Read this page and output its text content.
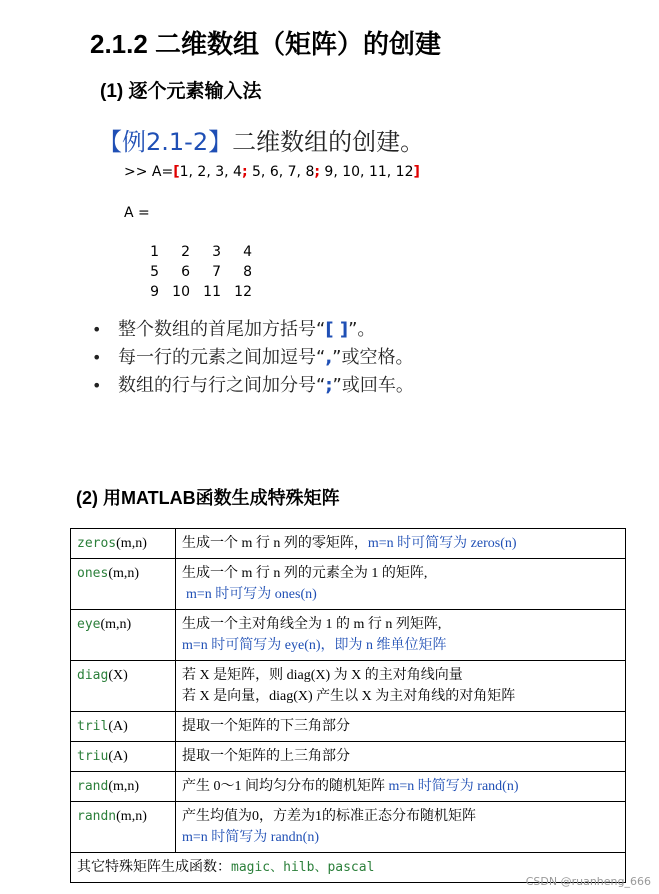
2.1.2 二维数组（矩阵）的创建
(1) 逐个元素输入法
【例2.1-2】二维数组的创建。
>> A=[1, 2, 3, 4; 5, 6, 7, 8; 9, 10, 11, 12]
A =
1	2	3	4
5	6	7	8
9	10	11	12
• 整个数组的首尾加方括号“[ ]”。
• 每一行的元素之间加逗号“,”或空格。
• 数组的行与行之间加分号“;”或回车。
(2) 用MATLAB函数生成特殊矩阵
zeros(m,n)	生成一个 m 行 n 列的零矩阵，m=n 时可简写为 zeros(n)

ones(m,n)	生成一个 m 行 n 列的元素全为 1 的矩阵,
m=n 时可写为 ones(n)

eye(m,n)	生成一个主对角线全为 1 的 m 行 n 列矩阵,
m=n 时可简写为 eye(n)，即为 n 维单位矩阵

diag(X)	若 X 是矩阵，则 diag(X) 为 X 的主对角线向量
若 X 是向量，diag(X) 产生以 X 为主对角线的对角矩阵

tril(A)	提取一个矩阵的下三角部分

triu(A)	提取一个矩阵的上三角部分

rand(m,n)	产生 0～1 间均匀分布的随机矩阵 m=n 时简写为 rand(n)

randn(m,n)	产生均值为0，方差为1的标准正态分布随机矩阵
m=n 时简写为 randn(n)

其它特殊矩阵生成函数：magic、hilb、pascal	
CSDN @ruanheng_666
